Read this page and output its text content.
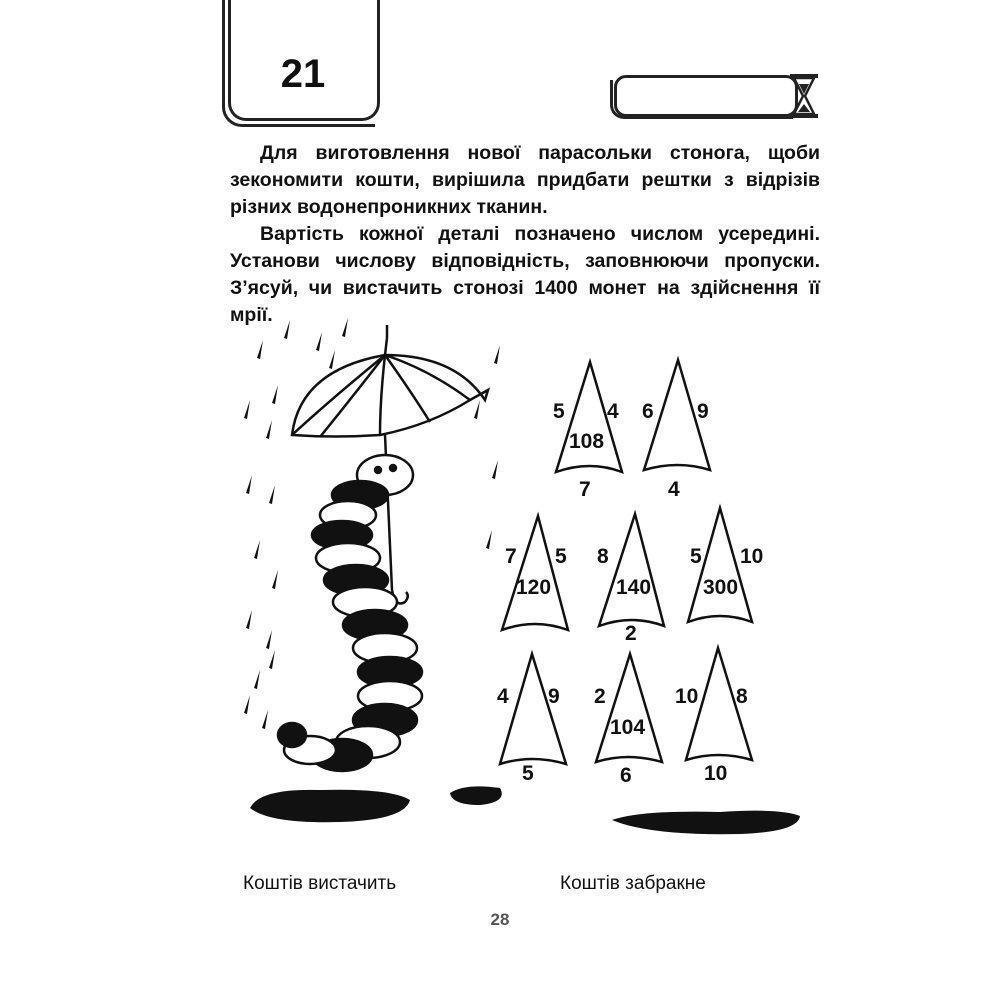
21

Для виготовлення нової парасольки стонога, щоби зекономити кошти, вирішила придбати рештки з відрізів різних водонепроникних тканин.

Вартість кожної деталі позначено числом усередині. Установи числову відповідність, заповнюючи пропуски. З’ясуй, чи вистачить стонозі 1400 монет на здійснення її мрії.

5 4
108
7
6 9
4
7 5
120
8
140
2
5 10
300
4 9
5
2
104
6
10 8
10
Коштів вистачить	Коштів забракне
28
